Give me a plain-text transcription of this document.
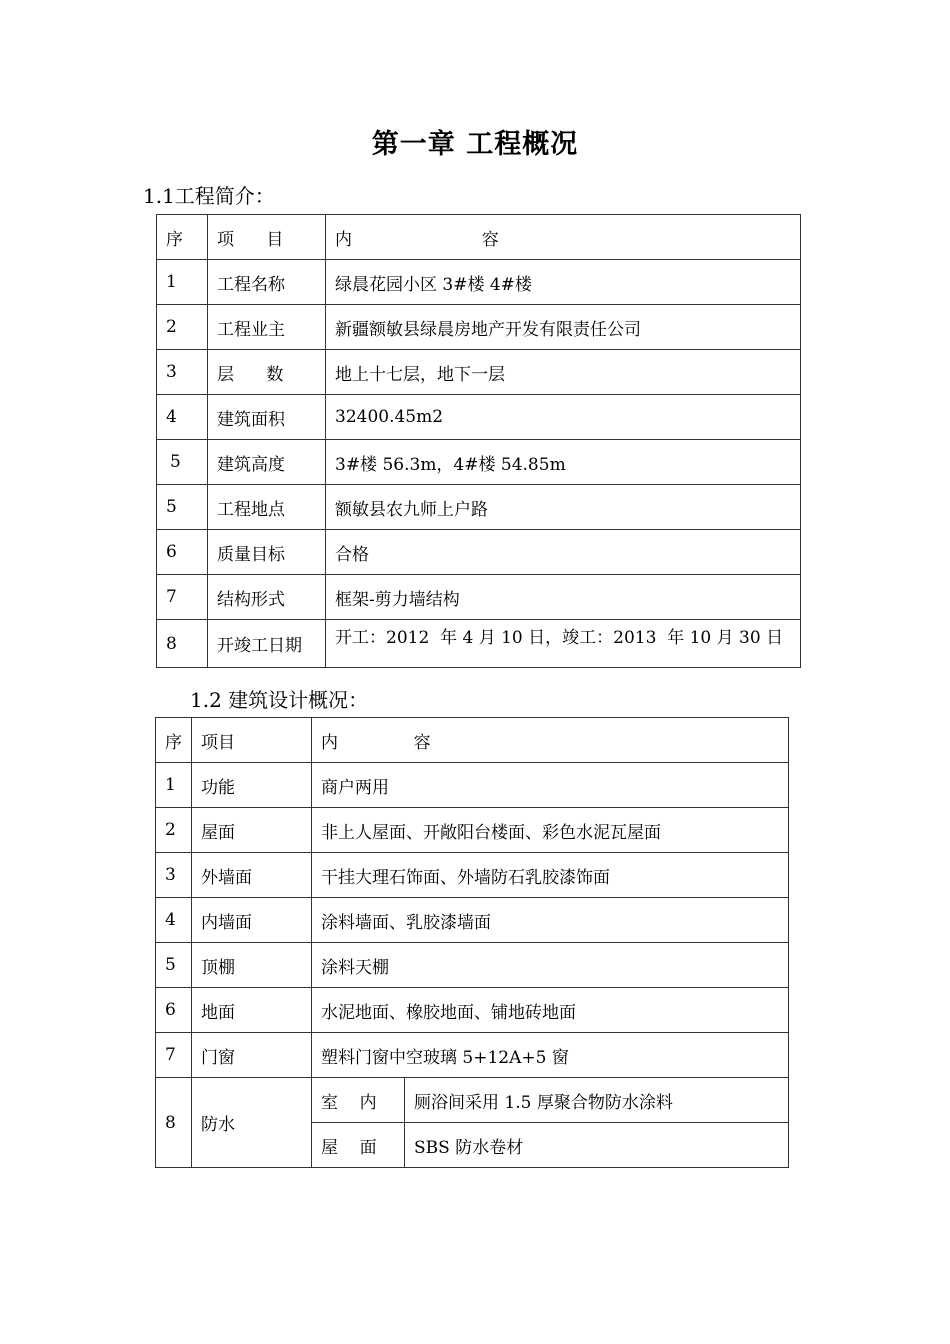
第一章 工程概况
1.1工程简介：
序	项      目	内                        容
1	工程名称	绿晨花园小区 3#楼 4#楼
2	工程业主	新疆额敏县绿晨房地产开发有限责任公司
3	层      数	地上十七层，地下一层
4	建筑面积	32400.45m2
5	建筑高度	3#楼 56.3m，4#楼 54.85m
5	工程地点	额敏县农九师上户路
6	质量目标	合格
7	结构形式	框架-剪力墙结构
8	开竣工日期	开工：2012  年 4 月 10 日，竣工：2013  年 10 月 30 日
1.2 建筑设计概况：
序	项目	内              容	
1	功能	商户两用	
2	屋面	非上人屋面、开敞阳台楼面、彩色水泥瓦屋面	
3	外墙面	干挂大理石饰面、外墙防石乳胶漆饰面	
4	内墙面	涂料墙面、乳胶漆墙面	
5	顶棚	涂料天棚	
6	地面	水泥地面、橡胶地面、铺地砖地面	
7	门窗	塑料门窗中空玻璃 5+12A+5 窗	
8	防水	室    内	厕浴间采用 1.5 厚聚合物防水涂料
		屋    面	SBS 防水卷材
